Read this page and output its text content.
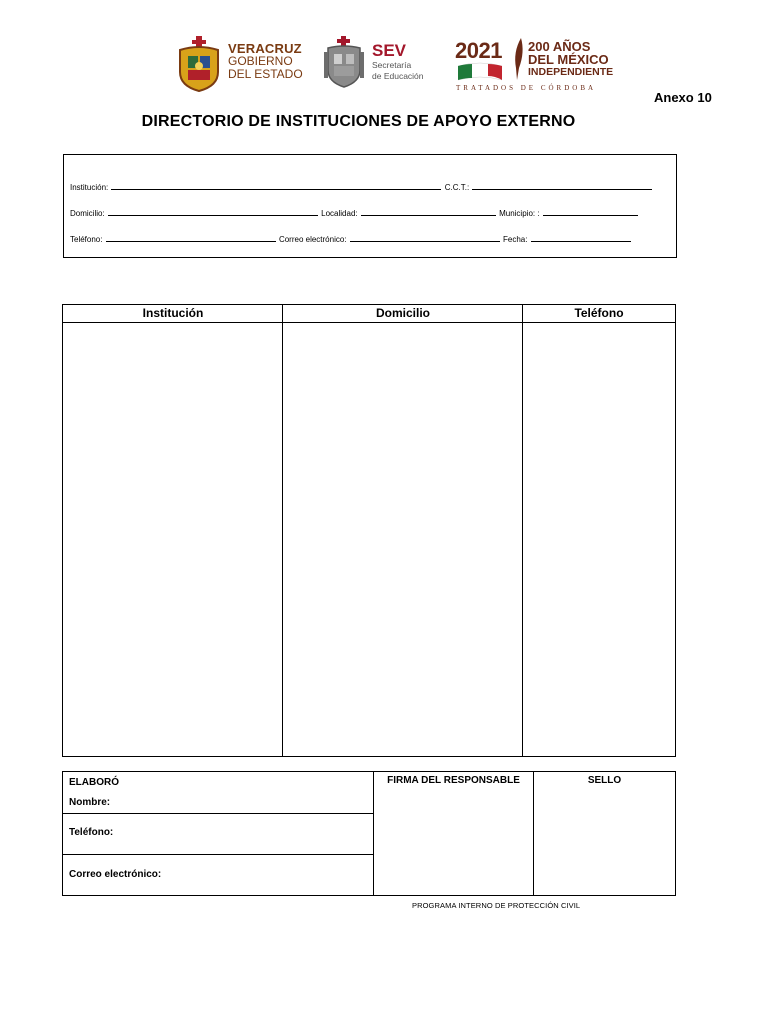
VERACRUZ
GOBIERNO
DEL ESTADO
SEV
Secretaría
de Educación
2021 200 AÑOS
DEL MÉXICO
INDEPENDIENTE
TRATADOS DE CÓRDOBA
Anexo 10
DIRECTORIO DE INSTITUCIONES DE APOYO EXTERNO
Institución:	C.C.T.:
Domicilio:	Localidad:	Municipio: :
Teléfono:	Correo electrónico:	Fecha:
Institución	Domicilio	Teléfono
ELABORÓ
Nombre:
Teléfono:
Correo electrónico:
FIRMA DEL RESPONSABLE	SELLO
PROGRAMA INTERNO DE PROTECCIÓN CIVIL
